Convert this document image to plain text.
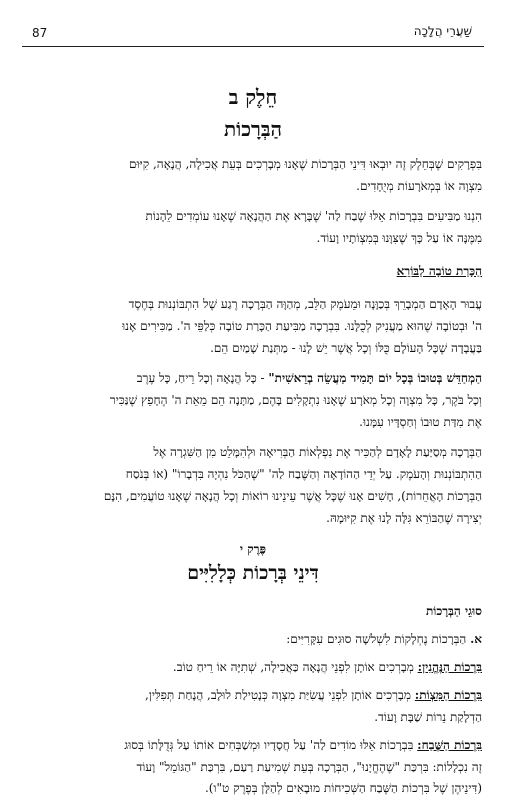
87	שַׁעֲרֵי הֲלָכָה
חֵלֶק ב
הַבְּרָכוֹת
בִּפְרָקִים שֶׁבְּחֵלֶק זֶה יוּבְאוּ דִּינֵי הַבְּרָכוֹת שֶׁאָנוּ מְבָרְכִים בְּעֵת אֲכִילָה, הֲנָאָה, קִיּוּם
מִצְוָה אוֹ בְּמְאֹרָעוֹת מְיֻחָדִים.
הִנְנוּ מַבִּיעִים בִּבְרָכוֹת אֵלּוּ שֶׁבַח לַה' שֶׁבָּרָא אֶת הַהֲנָאָה שֶׁאָנוּ עוֹמְדִים לֵהָנוֹת
מִמֶּנָּה אוֹ עַל כָּךְ שֶׁצִּוָּנוּ בְּמִצְוֹתָיו וָעוֹד.
הַכָּרַת טוֹבָה לַבּוֹרֵא
עֲבוּר הָאָדָם הַמְבָרֵךְ בְּכַוָּנָה וּמֵעֹמֶק הַלֵּב, מְהַוָּה הַבְּרָכָה רֶגַע שֶׁל הִתְבּוֹנְנוּת בְּחֶסֶד
ה' וּבְטוֹבָה שֶׁהוּא מַעֲנִיק לְכֻלָּנוּ. בִּבְרָכָה מַבִּיעַת הַכָּרַת טוֹבָה כְּלַפֵּי ה'. מַכִּירִים אָנוּ
בַּעֲבָדָה שֶׁכָּל הָעוֹלָם כֻּלּוֹ וְכָל אֲשֶׁר יֵשׁ לָנוּ - מַתְּנַת שָׁמַיִם הֵם.
הַמְחַדֵּשׁ בְּטוּבוֹ בְּכָל יוֹם תָּמִיד מַעֲשֵׂה בְרֵאשִׁית" - כָּל הֲנָאָה וְכָל רֵיחַ, כָּל עֶרֶב
וְכָל בֹּקֶר, כָּל מִצְוָה וְכָל מְאֹרָע שֶׁאָנוּ נִתְקָלִים בָּהֶם, מַתָּנָה הֵם מֵאֵת ה' הֶחָפֵץ שֶׁנַּכִּיר
אֶת מִדַּת טוּבוֹ וְחַסְדָּיו עִמָּנוּ.
הַבְּרָכָה מְסַיַּעַת לָאָדָם לְהַכִּיר אֶת נִפְלְאוֹת הַבְּרִיאָה וּלְהִמָּלֵט מִן הַשִּׁגְרָה אֶל
הַהִתְבּוֹנְנוּת וְהָעֹמֶק. עַל יְדֵי הַהוֹדָאָה וְהַשֶּׁבַח לַה' "שֶׁהַכֹּל נִהְיָה בִּדְבָרוֹ" (אוֹ בְּנֹסַח
הַבְּרָכוֹת הָאֲחֵרוֹת), חָשִׁים אָנוּ שֶׁכָּל אֲשֶׁר עֵינֵינוּ רוֹאוֹת וְכָל הֲנָאָה שֶׁאָנוּ טוֹעֲמִים, הִנָּם
יְצִירָה שֶׁהַבּוֹרֵא גִּלָּה לָנוּ אֶת קִיּוּמָהּ.
פֶּרֶק י
דִּינֵי בְּרָכוֹת כְּלָלִיִּים
סוּגֵי הַבְּרָכוֹת
א. הַבְּרָכוֹת נֶחְלָקוֹת לִשְׁלֹשָׁה סוּגִים עִקָּרִיִּים:
בִּרְכוֹת הַנֶּהֱנִין: מְבָרְכִים אוֹתָן לִפְנֵי הֲנָאָה כַּאֲכִילָה, שְׁתִיָּה אוֹ רֵיחַ טוֹב.
בִּרְכוֹת הַמִּצְוֹת: מְבָרְכִים אוֹתָן לִפְנֵי עֲשִׂיַּת מִצְוָה כְּנָטִילַת לוּלָב, הֲנָחַת תְּפִלִּין,
הַדְלָקַת נֵרוֹת שַׁבָּת וָעוֹד.
בִּרְכוֹת הַשֶּׁבַח: בִּבְרָכוֹת אֵלּוּ מוֹדִים לַה' עַל חֲסָדָיו וּמְשַׁבְּחִים אוֹתוֹ עַל גְּדֻלָּתוֹ בְּסוּג
זֶה נִכְלָלוֹת: בִּרְכַּת "שֶׁהֶחֱיָנוּ", הַבְּרָכָה בְּעֵת שְׁמִיעַת רַעַם, בִּרְכַּת "הַגּוֹמֵל" וָעוֹד
(דִּינֵיהֶן שֶׁל בִּרְכוֹת הַשֶּׁבַח הַשְּׁכִיחוֹת מוּבָאִים לְהַלָּן בְּפֶרֶק ט"ו).
